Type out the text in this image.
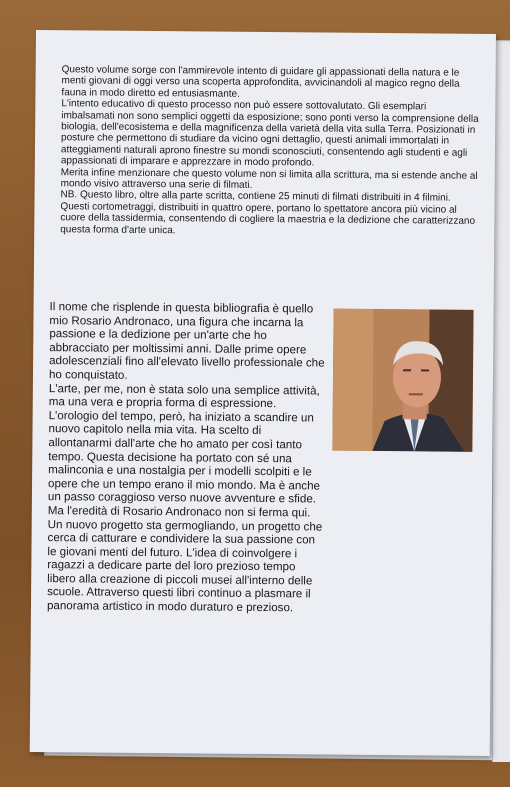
Questo volume sorge con l'ammirevole intento di guidare gli appassionati della natura e le menti giovani di oggi verso una scoperta approfondita, avvicinandoli al magico regno della fauna in modo diretto ed entusiasmante.

L'intento educativo di questo processo non può essere sottovalutato. Gli esemplari imbalsamati non sono semplici oggetti da esposizione; sono ponti verso la comprensione della biologia, dell'ecosistema e della magnificenza della varietà della vita sulla Terra. Posizionati in posture che permettono di studiare da vicino ogni dettaglio, questi animali immortalati in atteggiamenti naturali aprono finestre su mondi sconosciuti, consentendo agli studenti e agli appassionati di imparare e apprezzare in modo profondo.

Merita infine menzionare che questo volume non si limita alla scrittura, ma si estende anche al mondo visivo attraverso una serie di filmati.

NB. Questo libro, oltre alla parte scritta, contiene 25 minuti di filmati distribuiti in 4 filmini.

Questi cortometraggi, distribuiti in quattro opere, portano lo spettatore ancora più vicino al cuore della tassidermia, consentendo di cogliere la maestria e la dedizione che caratterizzano questa forma d'arte unica.

Il nome che risplende in questa bibliografia è quello mio Rosario Andronaco, una figura che incarna la passione e la dedizione per un'arte che ho abbracciato per moltissimi anni. Dalle prime opere adolescenziali fino all'elevato livello professionale che ho conquistato.

L'arte, per me, non è stata solo una semplice attività, ma una vera e propria forma di espressione.

L'orologio del tempo, però, ha iniziato a scandire un nuovo capitolo nella mia vita. Ha scelto di allontanarmi dall'arte che ho amato per così tanto tempo. Questa decisione ha portato con sé una malinconia e una nostalgia per i modelli scolpiti e le opere che un tempo erano il mio mondo. Ma è anche un passo coraggioso verso nuove avventure e sfide.

Ma l'eredità di Rosario Andronaco non si ferma qui. Un nuovo progetto sta germogliando, un progetto che cerca di catturare e condividere la sua passione con le giovani menti del futuro. L'idea di coinvolgere i ragazzi a dedicare parte del loro prezioso tempo libero alla creazione di piccoli musei all'interno delle scuole. Attraverso questi libri continuo a plasmare il panorama artistico in modo duraturo e prezioso.
